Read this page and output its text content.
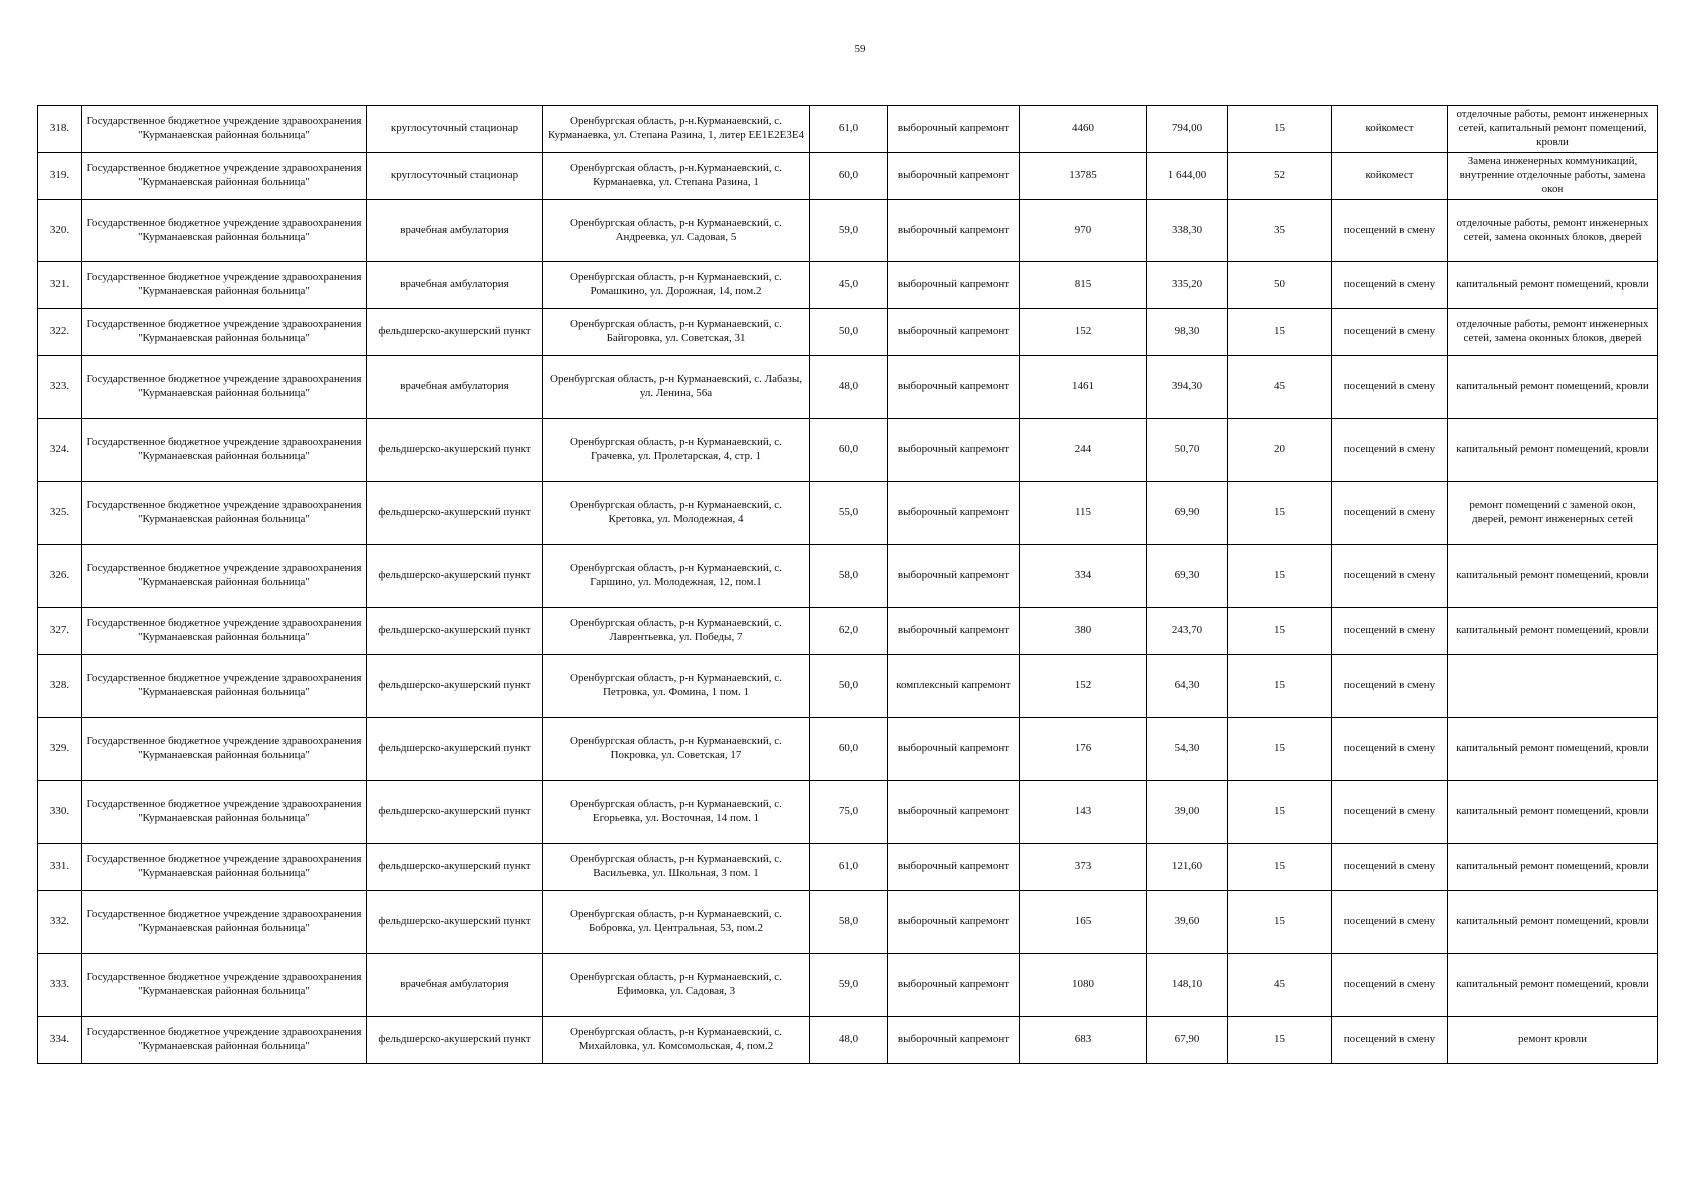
59
318.	Государственное бюджетное учреждение здравоохранения "Курманаевская районная больница"	круглосуточный стационар	Оренбургская область, р-н.Курманаевский, с. Курманаевка, ул. Степана Разина, 1, литер ЕЕ1Е2Е3Е4	61,0	выборочный капремонт	4460	794,00	15	койкомест	отделочные работы, ремонт инженерных сетей, капитальный ремонт помещений, кровли
319.	Государственное бюджетное учреждение здравоохранения "Курманаевская районная больница"	круглосуточный стационар	Оренбургская область, р-н.Курманаевский, с. Курманаевка, ул. Степана Разина, 1	60,0	выборочный капремонт	13785	1 644,00	52	койкомест	Замена инженерных коммуникаций, внутренние отделочные работы, замена окон
320.	Государственное бюджетное учреждение здравоохранения "Курманаевская районная больница"	врачебная амбулатория	Оренбургская область, р-н Курманаевский, с. Андреевка, ул. Садовая, 5	59,0	выборочный капремонт	970	338,30	35	посещений в смену	отделочные работы, ремонт инженерных сетей, замена оконных блоков, дверей
321.	Государственное бюджетное учреждение здравоохранения "Курманаевская районная больница"	врачебная амбулатория	Оренбургская область, р-н Курманаевский, с. Ромашкино, ул. Дорожная, 14, пом.2	45,0	выборочный капремонт	815	335,20	50	посещений в смену	капитальный ремонт помещений, кровли
322.	Государственное бюджетное учреждение здравоохранения "Курманаевская районная больница"	фельдшерско-акушерский пункт	Оренбургская область, р-н Курманаевский, с. Байгоровка, ул. Советская, 31	50,0	выборочный капремонт	152	98,30	15	посещений в смену	отделочные работы, ремонт инженерных сетей, замена оконных блоков, дверей
323.	Государственное бюджетное учреждение здравоохранения "Курманаевская районная больница"	врачебная амбулатория	Оренбургская область, р-н Курманаевский, с. Лабазы, ул. Ленина, 56а	48,0	выборочный капремонт	1461	394,30	45	посещений в смену	капитальный ремонт помещений, кровли
324.	Государственное бюджетное учреждение здравоохранения "Курманаевская районная больница"	фельдшерско-акушерский пункт	Оренбургская область, р-н Курманаевский, с. Грачевка, ул. Пролетарская, 4, стр. 1	60,0	выборочный капремонт	244	50,70	20	посещений в смену	капитальный ремонт помещений, кровли
325.	Государственное бюджетное учреждение здравоохранения "Курманаевская районная больница"	фельдшерско-акушерский пункт	Оренбургская область, р-н Курманаевский, с. Кретовка, ул. Молодежная, 4	55,0	выборочный капремонт	115	69,90	15	посещений в смену	ремонт помещений с заменой окон, дверей, ремонт инженерных сетей
326.	Государственное бюджетное учреждение здравоохранения "Курманаевская районная больница"	фельдшерско-акушерский пункт	Оренбургская область, р-н Курманаевский, с. Гаршино, ул. Молодежная, 12, пом.1	58,0	выборочный капремонт	334	69,30	15	посещений в смену	капитальный ремонт помещений, кровли
327.	Государственное бюджетное учреждение здравоохранения "Курманаевская районная больница"	фельдшерско-акушерский пункт	Оренбургская область, р-н Курманаевский, с. Лаврентьевка, ул. Победы, 7	62,0	выборочный капремонт	380	243,70	15	посещений в смену	капитальный ремонт помещений, кровли
328.	Государственное бюджетное учреждение здравоохранения "Курманаевская районная больница"	фельдшерско-акушерский пункт	Оренбургская область, р-н Курманаевский, с. Петровка, ул. Фомина, 1 пом. 1	50,0	комплексный капремонт	152	64,30	15	посещений в смену	
329.	Государственное бюджетное учреждение здравоохранения "Курманаевская районная больница"	фельдшерско-акушерский пункт	Оренбургская область, р-н Курманаевский, с. Покровка, ул. Советская, 17	60,0	выборочный капремонт	176	54,30	15	посещений в смену	капитальный ремонт помещений, кровли
330.	Государственное бюджетное учреждение здравоохранения "Курманаевская районная больница"	фельдшерско-акушерский пункт	Оренбургская область, р-н Курманаевский, с. Егорьевка, ул. Восточная, 14 пом. 1	75,0	выборочный капремонт	143	39,00	15	посещений в смену	капитальный ремонт помещений, кровли
331.	Государственное бюджетное учреждение здравоохранения "Курманаевская районная больница"	фельдшерско-акушерский пункт	Оренбургская область, р-н Курманаевский, с. Васильевка, ул. Школьная, 3 пом. 1	61,0	выборочный капремонт	373	121,60	15	посещений в смену	капитальный ремонт помещений, кровли
332.	Государственное бюджетное учреждение здравоохранения "Курманаевская районная больница"	фельдшерско-акушерский пункт	Оренбургская область, р-н Курманаевский, с. Бобровка, ул. Центральная, 53, пом.2	58,0	выборочный капремонт	165	39,60	15	посещений в смену	капитальный ремонт помещений, кровли
333.	Государственное бюджетное учреждение здравоохранения "Курманаевская районная больница"	врачебная амбулатория	Оренбургская область, р-н Курманаевский, с. Ефимовка, ул. Садовая, 3	59,0	выборочный капремонт	1080	148,10	45	посещений в смену	капитальный ремонт помещений, кровли
334.	Государственное бюджетное учреждение здравоохранения "Курманаевская районная больница"	фельдшерско-акушерский пункт	Оренбургская область, р-н Курманаевский, с. Михайловка, ул. Комсомольская, 4, пом.2	48,0	выборочный капремонт	683	67,90	15	посещений в смену	ремонт кровли
